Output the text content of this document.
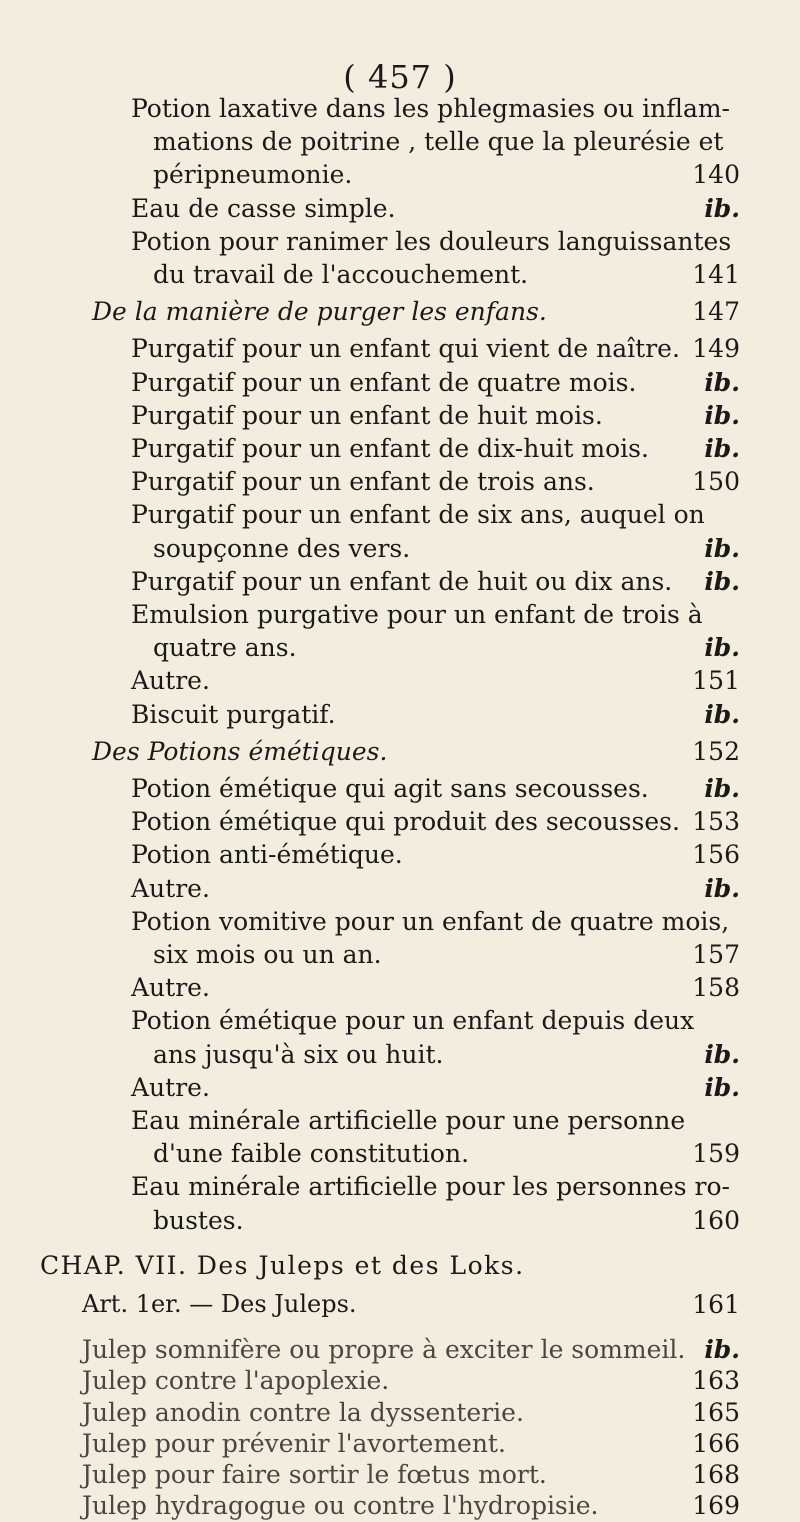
( 457 )
Potion laxative dans les phlegmasies ou inflam-
mations de poitrine , telle que la pleurésie et
péripneumonie.	140
Eau de casse simple.	ib.
Potion pour ranimer les douleurs languissantes
du travail de l'accouchement.	141
De la manière de purger les enfans.	147
Purgatif pour un enfant qui vient de naître. 149
Purgatif pour un enfant de quatre mois.	ib.
Purgatif pour un enfant de huit mois.	ib.
Purgatif pour un enfant de dix-huit mois. ib.
Purgatif pour un enfant de trois ans.	150
Purgatif pour un enfant de six ans, auquel on
soupçonne des vers.	ib.
Purgatif pour un enfant de huit ou dix ans. ib.
Emulsion purgative pour un enfant de trois à
quatre ans.	ib.
Autre.	151
Biscuit purgatif.	ib.
Des Potions émétiques.	152
Potion émétique qui agit sans secousses. ib.
Potion émétique qui produit des secousses. 153
Potion anti-émétique.	156
Autre.	ib.
Potion vomitive pour un enfant de quatre mois,
six mois ou un an.	157
Autre.	158
Potion émétique pour un enfant depuis deux
ans jusqu'à six ou huit.	ib.
Autre.	ib.
Eau minérale artificielle pour une personne
d'une faible constitution.	159
Eau minérale artificielle pour les personnes ro-
bustes.	160
CHAP. VII. Des Juleps et des Loks.
Art. 1er. — Des Juleps.	161
Julep somnifère ou propre à exciter le sommeil. ib.
Julep contre l'apoplexie.	163
Julep anodin contre la dyssenterie.	165
Julep pour prévenir l'avortement.	166
Julep pour faire sortir le fœtus mort.	168
Julep hydragogue ou contre l'hydropisie.	169
